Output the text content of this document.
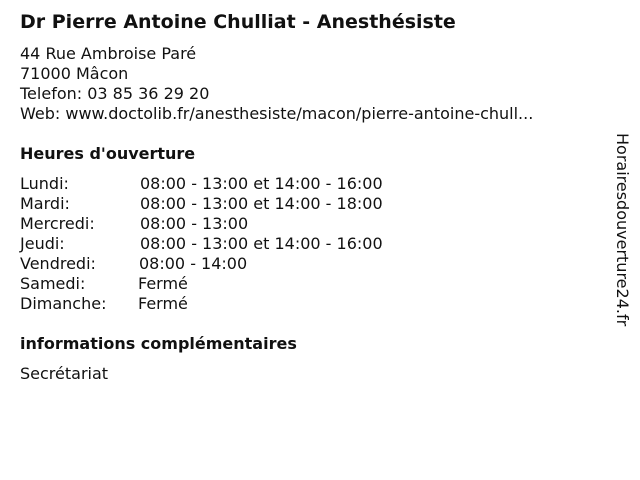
Dr Pierre Antoine Chulliat - Anesthésiste
44 Rue Ambroise Paré
71000 Mâcon
Telefon: 03 85 36 29 20
Web: www.doctolib.fr/anesthesiste/macon/pierre-antoine-chull...
Heures d'ouverture
Lundi:	08:00 - 13:00 et 14:00 - 16:00
Mardi:	08:00 - 13:00 et 14:00 - 18:00
Mercredi:	08:00 - 13:00
Jeudi:	08:00 - 13:00 et 14:00 - 16:00
Vendredi:	08:00 - 14:00
Samedi:	Fermé
Dimanche: Fermé
informations complémentaires
Secrétariat
Horairesdouverture24.fr
